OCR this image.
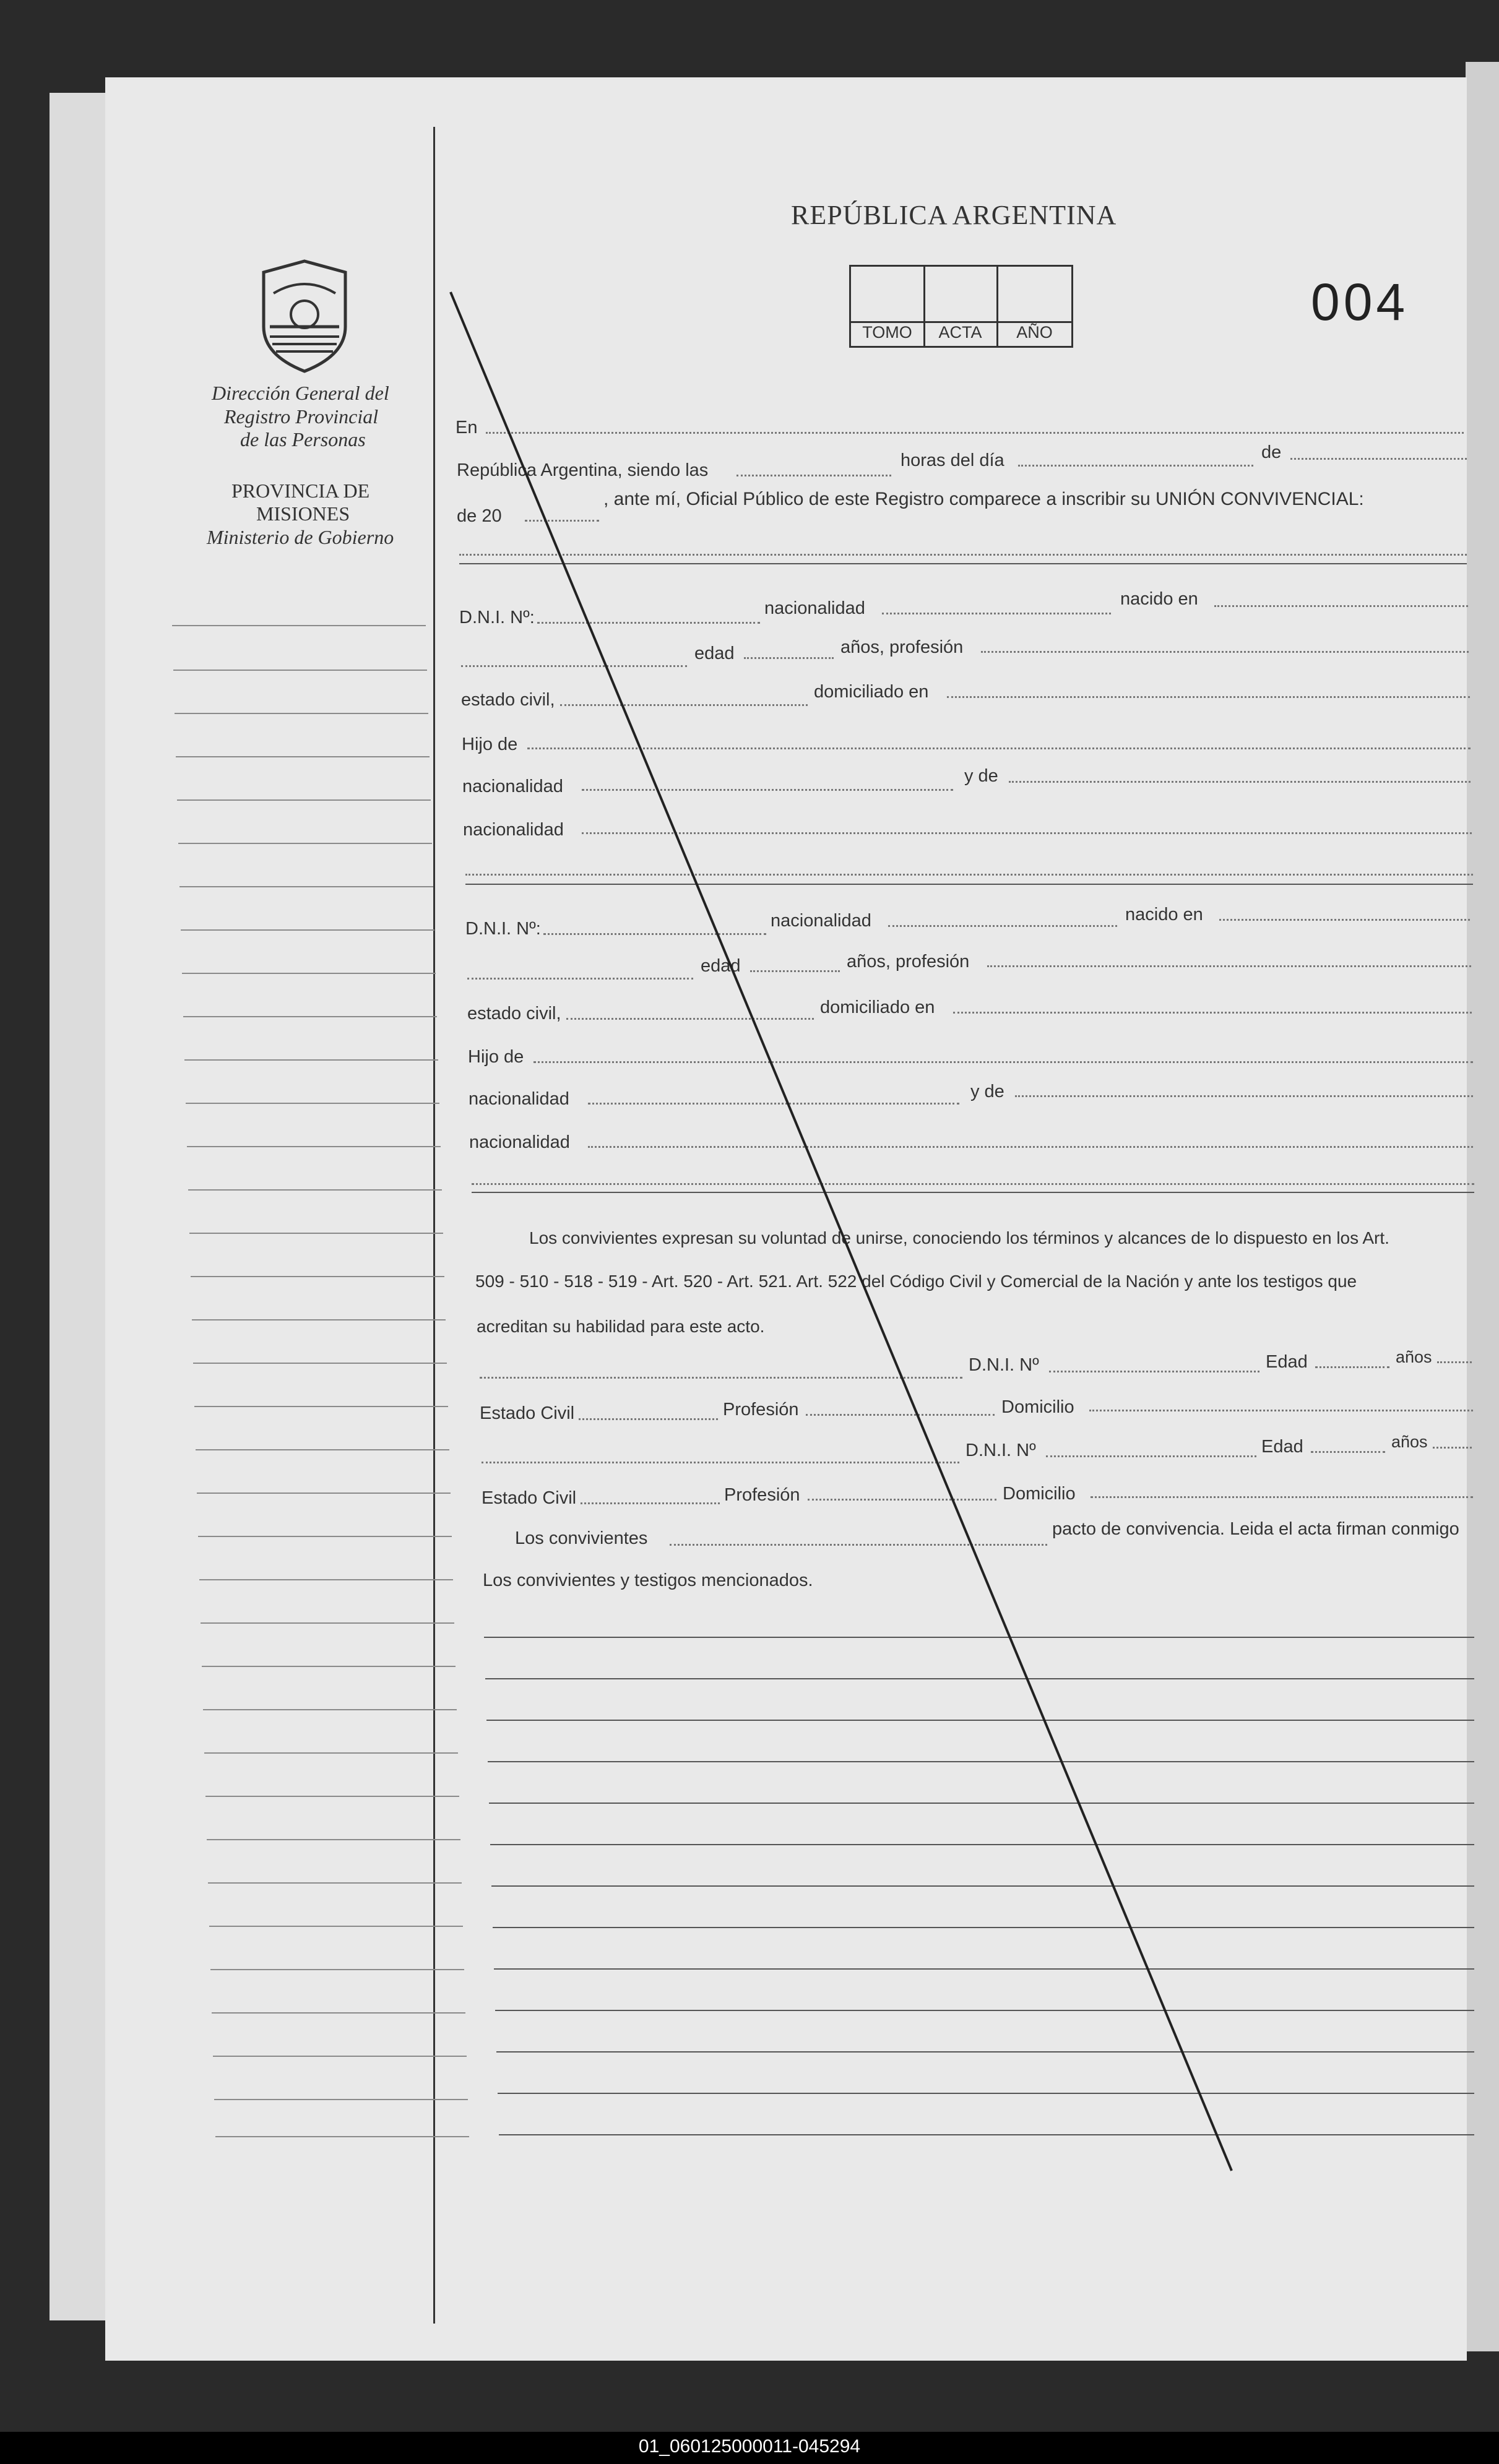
REPÚBLICA ARGENTINA
TOMO	ACTA	AÑO
004
Dirección General del
Registro Provincial
de las Personas
PROVINCIA DE
MISIONES
Ministerio de Gobierno
En
República Argentina, siendo las	horas del día	de
de 20
, ante mí, Oficial Público de este Registro comparece a inscribir su UNIÓN CONVIVENCIAL:
D.N.I. Nº:	nacionalidad	nacido en
edad	años, profesión
estado civil,	domiciliado en
Hijo de
nacionalidad
y de
nacionalidad
D.N.I. Nº:	nacionalidad	nacido en
edad	años, profesión
estado civil,	domiciliado en
Hijo de
nacionalidad	y de
nacionalidad
Los convivientes expresan su voluntad de unirse, conociendo los términos y alcances de lo dispuesto en los Art.
509 - 510 - 518 - 519 - Art. 520 - Art. 521. Art. 522 del Código Civil y Comercial de la Nación y ante los testigos que
acreditan su habilidad para este acto.
D.N.I. Nº	Edad	años
Estado Civil	Profesión	Domicilio
D.N.I. Nº	Edad	años
Estado Civil	Profesión	Domicilio
Los convivientes	pacto de convivencia. Leida el acta firman conmigo
Los convivientes y testigos mencionados.
01_060125000011-045294
